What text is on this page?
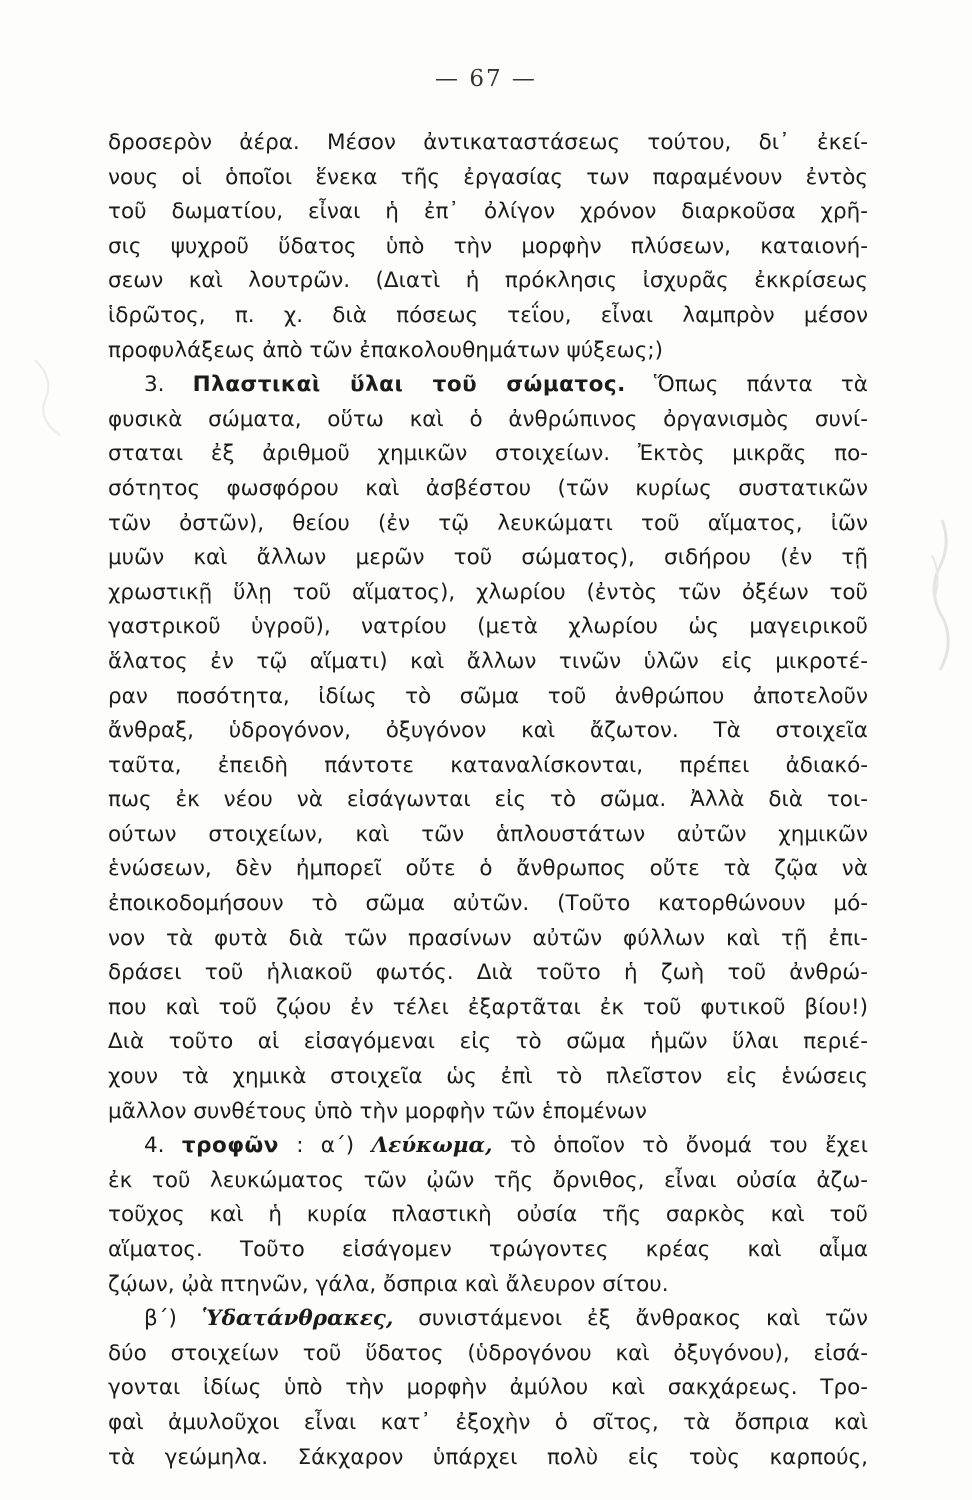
— 67 —
δροσερὸν ἀέρα. Μέσον ἀντικαταστάσεως τούτου, δι᾽ ἐκεί-
νους οἱ ὁποῖοι ἕνεκα τῆς ἐργασίας των παραμένουν ἐντὸς
τοῦ δωματίου, εἶναι ἡ ἐπ᾽ ὀλίγον χρόνον διαρκοῦσα χρῆ-
σις ψυχροῦ ὕδατος ὑπὸ τὴν μορφὴν πλύσεων, καταιονή-
σεων καὶ λουτρῶν. (Διατὶ ἡ πρόκλησις ἰσχυρᾶς ἐκκρίσεως
ἱδρῶτος, π. χ. διὰ πόσεως τεΐου, εἶναι λαμπρὸν μέσον
προφυλάξεως ἀπὸ τῶν ἐπακολουθημάτων ψύξεως;)
3. Πλαστικαὶ ὕλαι τοῦ σώματος. Ὅπως πάντα τὰ
φυσικὰ σώματα, οὕτω καὶ ὁ ἀνθρώπινος ὀργανισμὸς συνί-
σταται ἐξ ἀριθμοῦ χημικῶν στοιχείων. Ἐκτὸς μικρᾶς πο-
σότητος φωσφόρου καὶ ἀσβέστου (τῶν κυρίως συστατικῶν
τῶν ὀστῶν), θείου (ἐν τῷ λευκώματι τοῦ αἵματος, ἰῶν
μυῶν καὶ ἄλλων μερῶν τοῦ σώματος), σιδήρου (ἐν τῇ
χρωστικῇ ὕλῃ τοῦ αἵματος), χλωρίου (ἐντὸς τῶν ὀξέων τοῦ
γαστρικοῦ ὑγροῦ), νατρίου (μετὰ χλωρίου ὡς μαγειρικοῦ
ἅλατος ἐν τῷ αἵματι) καὶ ἄλλων τινῶν ὑλῶν εἰς μικροτέ-
ραν ποσότητα, ἰδίως τὸ σῶμα τοῦ ἀνθρώπου ἀποτελοῦν
ἄνθραξ, ὑδρογόνον, ὀξυγόνον καὶ ἄζωτον. Τὰ στοιχεῖα
ταῦτα, ἐπειδὴ πάντοτε καταναλίσκονται, πρέπει ἀδιακό-
πως ἐκ νέου νὰ εἰσάγωνται εἰς τὸ σῶμα. Ἀλλὰ διὰ τοι-
ούτων στοιχείων, καὶ τῶν ἁπλουστάτων αὐτῶν χημικῶν
ἑνώσεων, δὲν ἠμπορεῖ οὔτε ὁ ἄνθρωπος οὔτε τὰ ζῷα νὰ
ἐποικοδομήσουν τὸ σῶμα αὐτῶν. (Τοῦτο κατορθώνουν μό-
νον τὰ φυτὰ διὰ τῶν πρασίνων αὐτῶν φύλλων καὶ τῇ ἐπι-
δράσει τοῦ ἡλιακοῦ φωτός. Διὰ τοῦτο ἡ ζωὴ τοῦ ἀνθρώ-
που καὶ τοῦ ζῴου ἐν τέλει ἐξαρτᾶται ἐκ τοῦ φυτικοῦ βίου!)
Διὰ τοῦτο αἱ εἰσαγόμεναι εἰς τὸ σῶμα ἡμῶν ὕλαι περιέ-
χουν τὰ χημικὰ στοιχεῖα ὡς ἐπὶ τὸ πλεῖστον εἰς ἑνώσεις
μᾶλλον συνθέτους ὑπὸ τὴν μορφὴν τῶν ἑπομένων
4. τροφῶν : α´) Λεύκωμα, τὸ ὁποῖον τὸ ὄνομά του ἔχει
ἐκ τοῦ λευκώματος τῶν ᾠῶν τῆς ὄρνιθος, εἶναι οὐσία ἀζω-
τοῦχος καὶ ἡ κυρία πλαστικὴ οὐσία τῆς σαρκὸς καὶ τοῦ
αἵματος. Τοῦτο εἰσάγομεν τρώγοντες κρέας καὶ αἷμα
ζῴων, ᾠὰ πτηνῶν, γάλα, ὄσπρια καὶ ἄλευρον σίτου.
β´) Ὑδατάνθρακες, συνιστάμενοι ἐξ ἄνθρακος καὶ τῶν
δύο στοιχείων τοῦ ὕδατος (ὑδρογόνου καὶ ὀξυγόνου), εἰσά-
γονται ἰδίως ὑπὸ τὴν μορφὴν ἀμύλου καὶ σακχάρεως. Τρο-
φαὶ ἀμυλοῦχοι εἶναι κατ᾽ ἐξοχὴν ὁ σῖτος, τὰ ὄσπρια καὶ
τὰ γεώμηλα. Σάκχαρον ὑπάρχει πολὺ εἰς τοὺς καρπούς,
